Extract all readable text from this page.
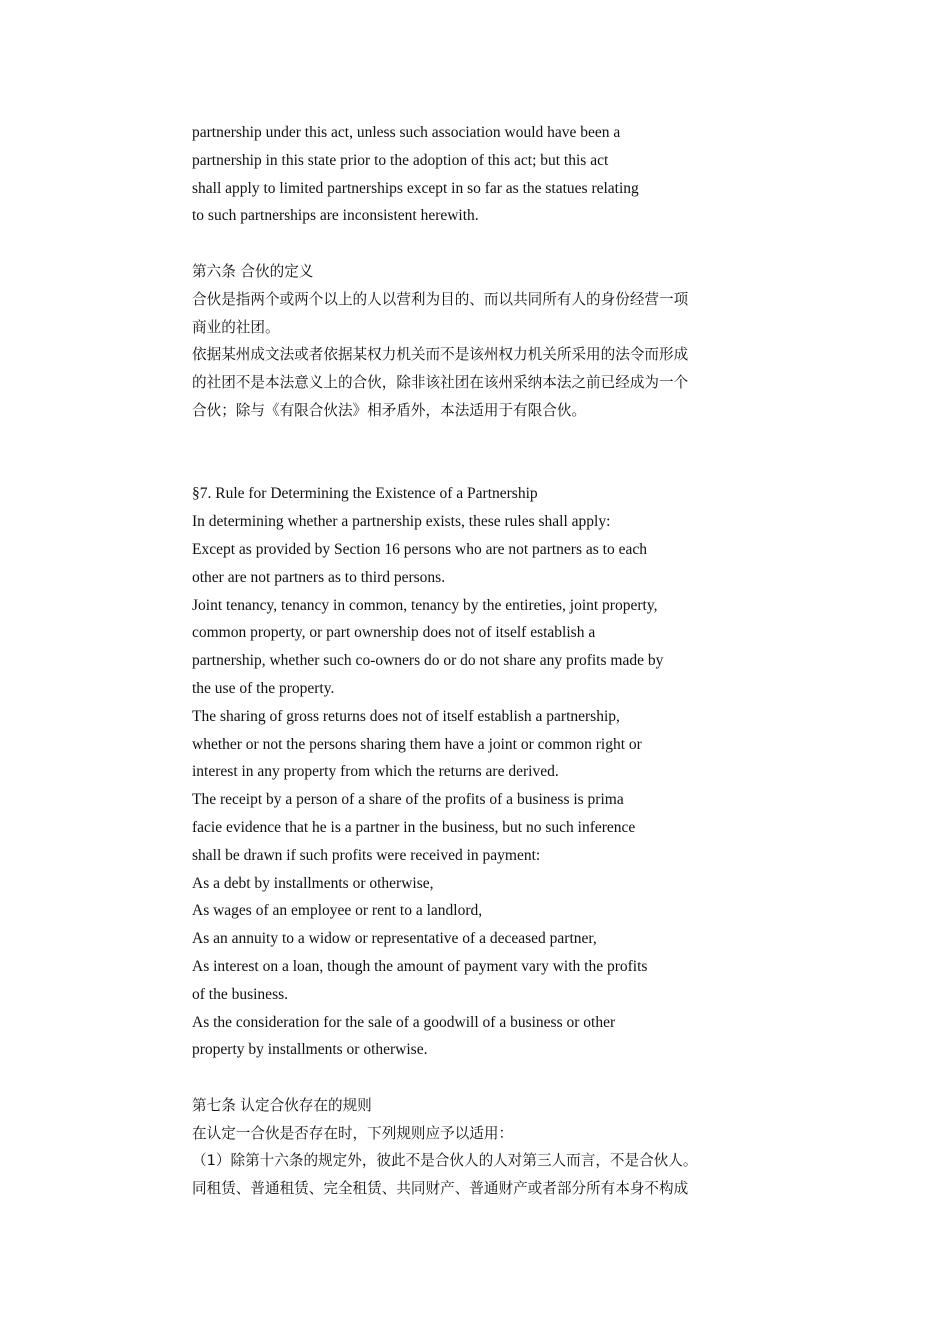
partnership under this act, unless such association would have been a
partnership in this state prior to the adoption of this act; but this act
shall apply to limited partnerships except in so far as the statues relating
to such partnerships are inconsistent herewith.
第六条 合伙的定义
合伙是指两个或两个以上的人以营利为目的、而以共同所有人的身份经营一项
商业的社团。
依据某州成文法或者依据某权力机关而不是该州权力机关所采用的法令而形成
的社团不是本法意义上的合伙，除非该社团在该州采纳本法之前已经成为一个
合伙；除与《有限合伙法》相矛盾外，本法适用于有限合伙。
§7. Rule for Determining the Existence of a Partnership
In determining whether a partnership exists, these rules shall apply:
Except as provided by Section 16 persons who are not partners as to each
other are not partners as to third persons.
Joint tenancy, tenancy in common, tenancy by the entireties, joint property,
common property, or part ownership does not of itself establish a
partnership, whether such co-owners do or do not share any profits made by
the use of the property.
The sharing of gross returns does not of itself establish a partnership,
whether or not the persons sharing them have a joint or common right or
interest in any property from which the returns are derived.
The receipt by a person of a share of the profits of a business is prima
facie evidence that he is a partner in the business, but no such inference
shall be drawn if such profits were received in payment:
As a debt by installments or otherwise,
As wages of an employee or rent to a landlord,
As an annuity to a widow or representative of a deceased partner,
As interest on a loan, though the amount of payment vary with the profits
of the business.
As the consideration for the sale of a goodwill of a business or other
property by installments or otherwise.
第七条 认定合伙存在的规则
在认定一合伙是否存在时，下列规则应予以适用：
（1）除第十六条的规定外，彼此不是合伙人的人对第三人而言，不是合伙人。
同租赁、普通租赁、完全租赁、共同财产、普通财产或者部分所有本身不构成
